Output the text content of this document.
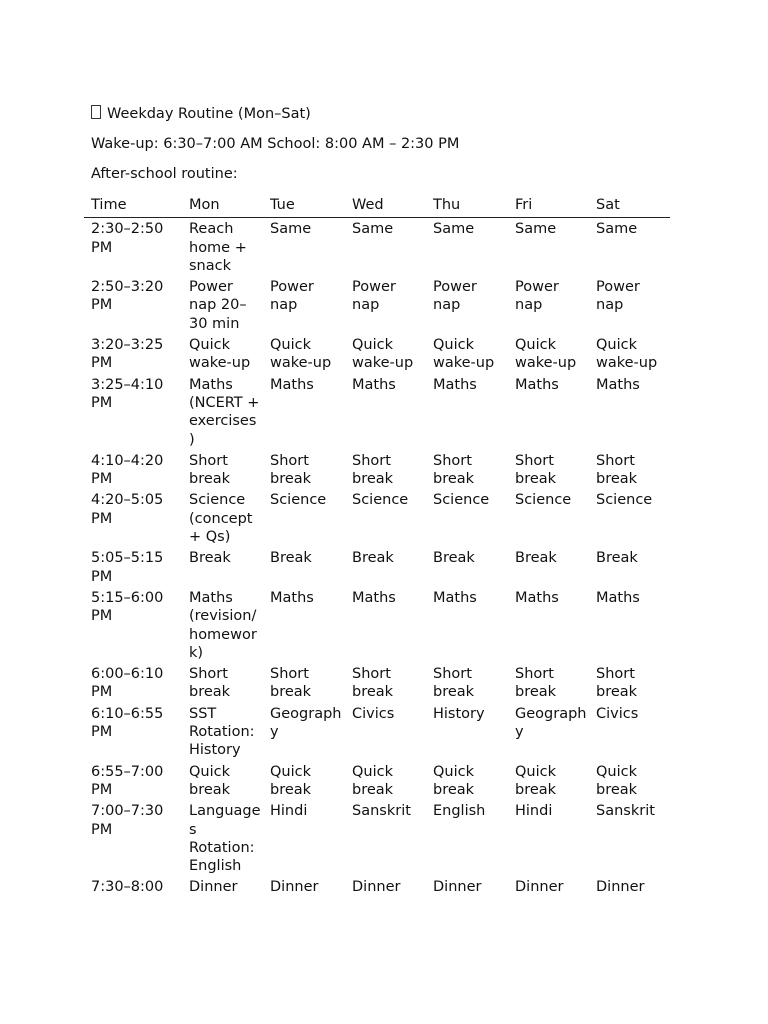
Weekday Routine (Mon–Sat)
Wake-up: 6:30–7:00 AM School: 8:00 AM – 2:30 PM
After-school routine:
Time	Mon	Tue	Wed	Thu	Fri	Sat
2:30–2:50 PM	Reach home + snack	Same	Same	Same	Same	Same
2:50–3:20 PM	Power nap 20–30 min	Power nap	Power nap	Power nap	Power nap	Power nap
3:20–3:25 PM	Quick wake-up	Quick wake-up	Quick wake-up	Quick wake-up	Quick wake-up	Quick wake-up
3:25–4:10 PM	Maths (NCERT + exercises)	Maths	Maths	Maths	Maths	Maths
4:10–4:20 PM	Short break	Short break	Short break	Short break	Short break	Short break
4:20–5:05 PM	Science (concept + Qs)	Science	Science	Science	Science	Science
5:05–5:15 PM	Break	Break	Break	Break	Break	Break
5:15–6:00 PM	Maths (revision/homework)	Maths	Maths	Maths	Maths	Maths
6:00–6:10 PM	Short break	Short break	Short break	Short break	Short break	Short break
6:10–6:55 PM	SST Rotation: History	Geography	Civics	History	Geography	Civics
6:55–7:00 PM	Quick break	Quick break	Quick break	Quick break	Quick break	Quick break
7:00–7:30 PM	Languages Rotation: English	Hindi	Sanskrit	English	Hindi	Sanskrit
7:30–8:00	Dinner	Dinner	Dinner	Dinner	Dinner	Dinner
